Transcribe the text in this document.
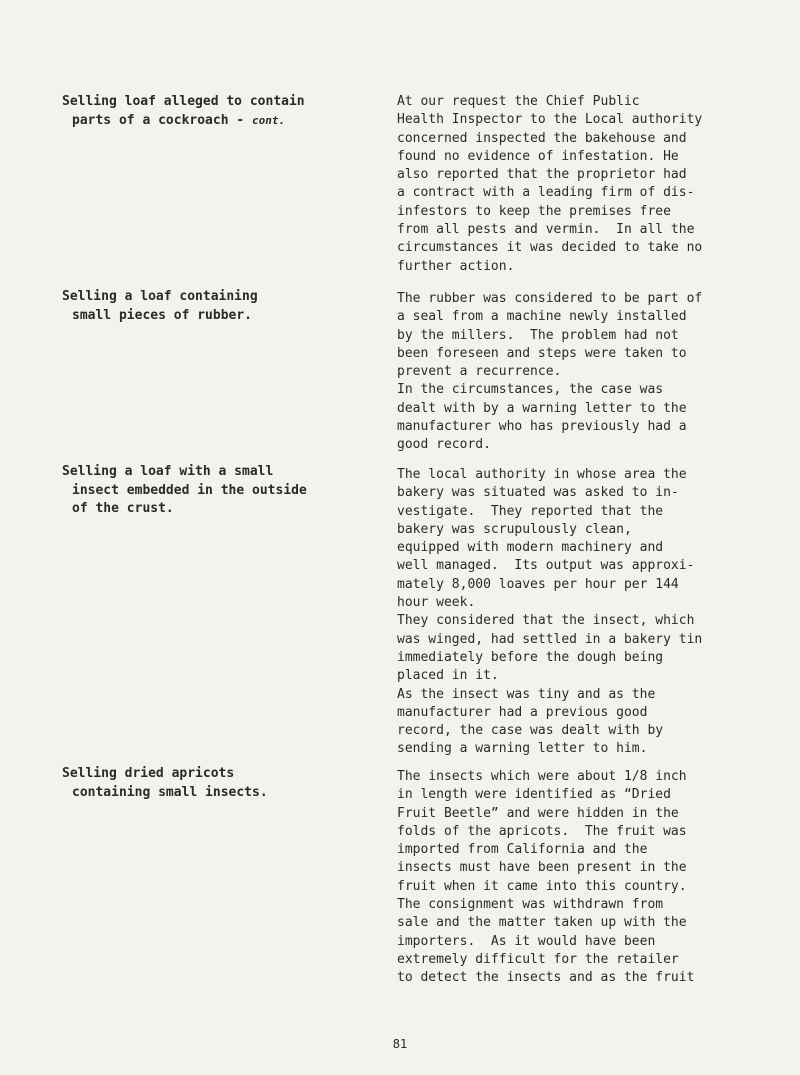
Selling loaf alleged to contain
parts of a cockroach - cont.
At our request the Chief Public
Health Inspector to the Local authority
concerned inspected the bakehouse and
found no evidence of infestation. He
also reported that the proprietor had
a contract with a leading firm of dis-
infestors to keep the premises free
from all pests and vermin.  In all the
circumstances it was decided to take no
further action.
Selling a loaf containing
small pieces of rubber.
The rubber was considered to be part of
a seal from a machine newly installed
by the millers.  The problem had not
been foreseen and steps were taken to
prevent a recurrence.
In the circumstances, the case was
dealt with by a warning letter to the
manufacturer who has previously had a
good record.
Selling a loaf with a small
insect embedded in the outside
of the crust.
The local authority in whose area the
bakery was situated was asked to in-
vestigate.  They reported that the
bakery was scrupulously clean,
equipped with modern machinery and
well managed.  Its output was approxi-
mately 8,000 loaves per hour per 144
hour week.
They considered that the insect, which
was winged, had settled in a bakery tin
immediately before the dough being
placed in it.
As the insect was tiny and as the
manufacturer had a previous good
record, the case was dealt with by
sending a warning letter to him.
Selling dried apricots
containing small insects.
The insects which were about 1/8 inch
in length were identified as “Dried
Fruit Beetle” and were hidden in the
folds of the apricots.  The fruit was
imported from California and the
insects must have been present in the
fruit when it came into this country.
The consignment was withdrawn from
sale and the matter taken up with the
importers.  As it would have been
extremely difficult for the retailer
to detect the insects and as the fruit
81
